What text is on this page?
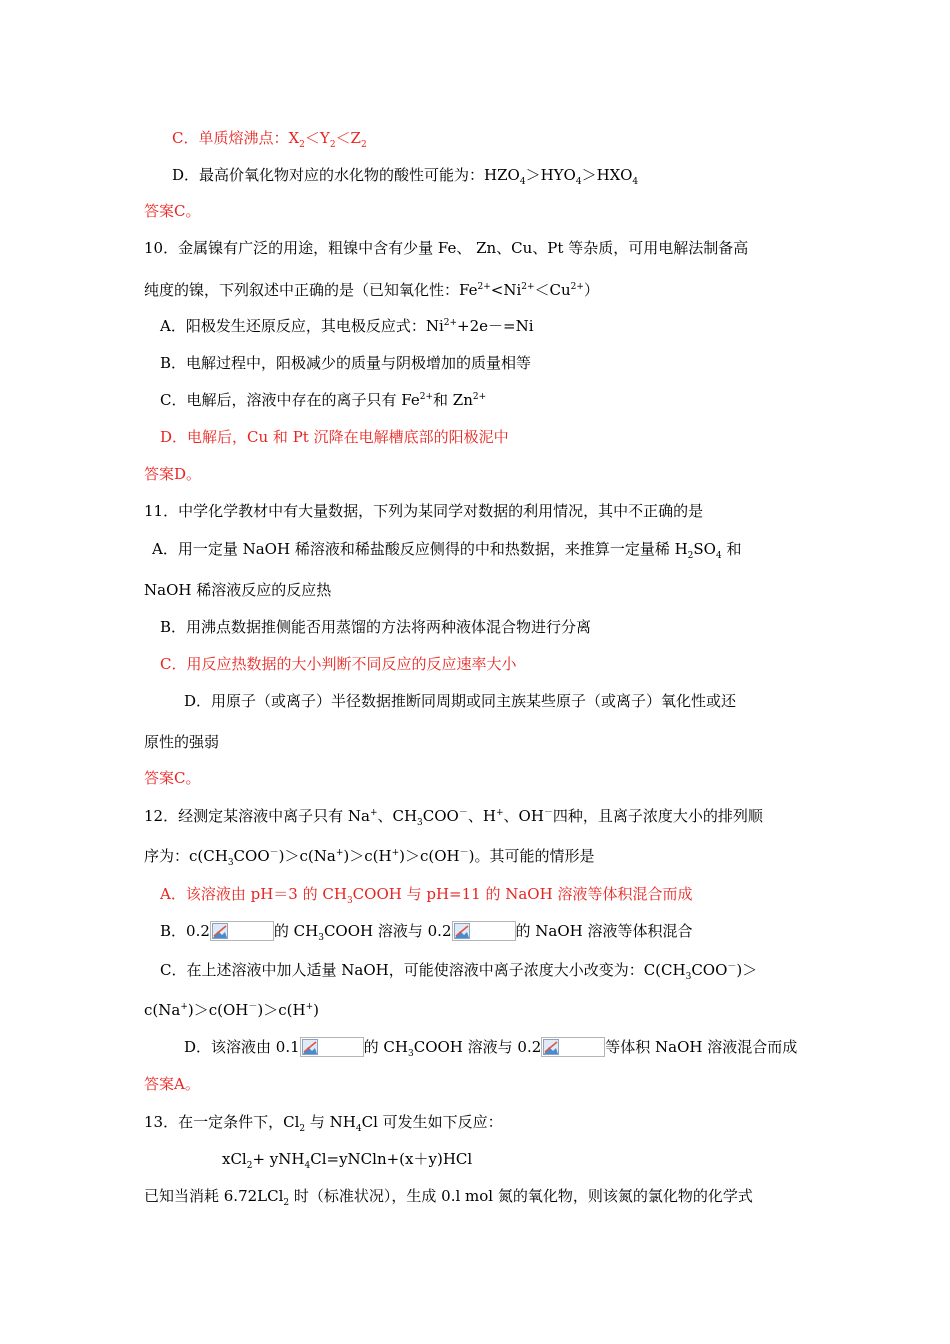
C．单质熔沸点：$X_2<Y_2<Z_2$
D．最高价氧化物对应的水化物的酸性可能为：$HZO_4>HYO_4>HXO_4$
答案C。
10．金属镍有广泛的用途，粗镍中含有少量 Fe、 Zn、Cu、Pt 等杂质，可用电解法制备高
纯度的镍，下列叙述中正确的是（已知氧化性：$Fe^{2+}<Ni^{2+}<Cu^{2+}$）
A．阳极发生还原反应，其电极反应式：$Ni^{2+}+2e-=Ni$
B．电解过程中，阳极减少的质量与阴极增加的质量相等
C．电解后，溶液中存在的离子只有 $Fe^{2+}$和 $Zn^{2+}$
D．电解后，Cu 和 Pt 沉降在电解槽底部的阳极泥中
答案D。
11．中学化学教材中有大量数据，下列为某同学对数据的利用情况，其中不正确的是
A．用一定量 NaOH 稀溶液和稀盐酸反应侧得的中和热数据，来推算一定量稀 $H_2SO_4$ 和
NaOH 稀溶液反应的反应热
B．用沸点数据推侧能否用蒸馏的方法将两种液体混合物进行分离
C．用反应热数据的大小判断不同反应的反应速率大小
D．用原子（或离子）半径数据推断同周期或同主族某些原子（或离子）氧化性或还
原性的强弱
答案C。
12．经测定某溶液中离子只有 Na+、$CH_3COO^-$、H+、OH－四种，且离子浓度大小的排列顺
序为：$c(CH_3COO^-)>c(Na^+)>c(H^+)>c(OH^-)$。其可能的情形是
A．该溶液由 pH＝3 的 $CH_3COOH$ 与 pH=11 的 NaOH 溶液等体积混合而成
B．0.2	的 $CH_3COOH$ 溶液与 0.2	的 NaOH 溶液等体积混合
C．在上述溶液中加人适量 NaOH，可能使溶液中离子浓度大小改变为：$C(CH_3COO^-)>$
c(Na+)＞c(OH－)＞c(H+)
D．该溶液由 0.1	的 $CH_3COOH$ 溶液与 0.2	等体积 NaOH 溶液混合而成
答案A。
13．在一定条件下，$Cl_2$ 与 $NH_4Cl$ 可发生如下反应：
xCl$_2$+ yNH$_4$Cl=yNCln+(x＋y)HCl
已知当消耗 6.72LCl$_2$ 时（标准状况），生成 0.l mol 氮的氧化物，则该氮的氯化物的化学式
